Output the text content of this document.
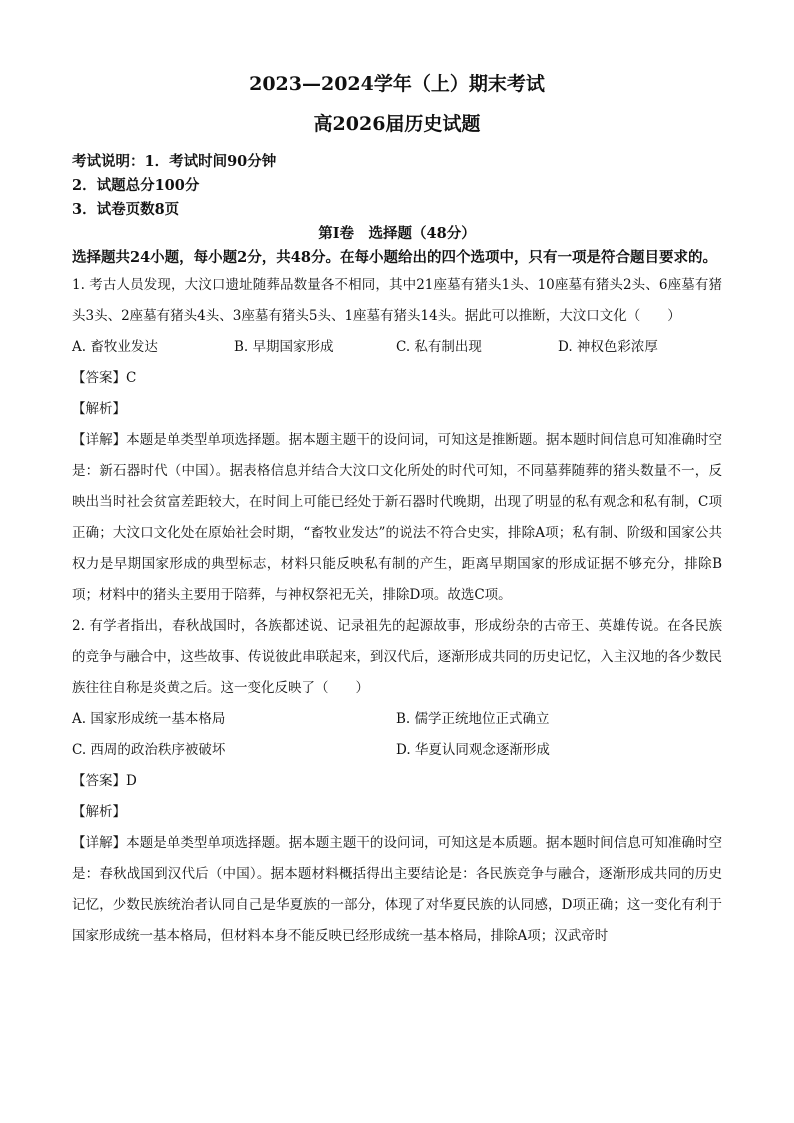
2023—2024学年（上）期末考试
高2026届历史试题

考试说明：1．考试时间90分钟

2．试题总分100分

3．试卷页数8页

第Ⅰ卷　选择题（48分）

选择题共24小题，每小题2分，共48分。在每小题给出的四个选项中，只有一项是符合题目要求的。

1. 考古人员发现，大汶口遗址随葬品数量各不相同，其中21座墓有猪头1头、10座墓有猪头2头、6座墓有猪头3头、2座墓有猪头4头、3座墓有猪头5头、1座墓有猪头14头。据此可以推断，大汶口文化（　　）

A. 畜牧业发达	B. 早期国家形成	C. 私有制出现	D. 神权色彩浓厚

【答案】C

【解析】

【详解】本题是单类型单项选择题。据本题主题干的设问词，可知这是推断题。据本题时间信息可知准确时空是：新石器时代（中国）。据表格信息并结合大汶口文化所处的时代可知，不同墓葬随葬的猪头数量不一，反映出当时社会贫富差距较大，在时间上可能已经处于新石器时代晚期，出现了明显的私有观念和私有制，C项正确；大汶口文化处在原始社会时期，“畜牧业发达”的说法不符合史实，排除A项；私有制、阶级和国家公共权力是早期国家形成的典型标志，材料只能反映私有制的产生，距离早期国家的形成证据不够充分，排除B项；材料中的猪头主要用于陪葬，与神权祭祀无关，排除D项。故选C项。

2. 有学者指出，春秋战国时，各族都述说、记录祖先的起源故事，形成纷杂的古帝王、英雄传说。在各民族的竞争与融合中，这些故事、传说彼此串联起来，到汉代后，逐渐形成共同的历史记忆，入主汉地的各少数民族往往自称是炎黄之后。这一变化反映了（　　）

A. 国家形成统一基本格局	B. 儒学正统地位正式确立
C. 西周的政治秩序被破坏	D. 华夏认同观念逐渐形成

【答案】D

【解析】

【详解】本题是单类型单项选择题。据本题主题干的设问词，可知这是本质题。据本题时间信息可知准确时空是：春秋战国到汉代后（中国）。据本题材料概括得出主要结论是：各民族竞争与融合，逐渐形成共同的历史记忆，少数民族统治者认同自己是华夏族的一部分，体现了对华夏民族的认同感，D项正确；这一变化有利于国家形成统一基本格局，但材料本身不能反映已经形成统一基本格局，排除A项；汉武帝时
